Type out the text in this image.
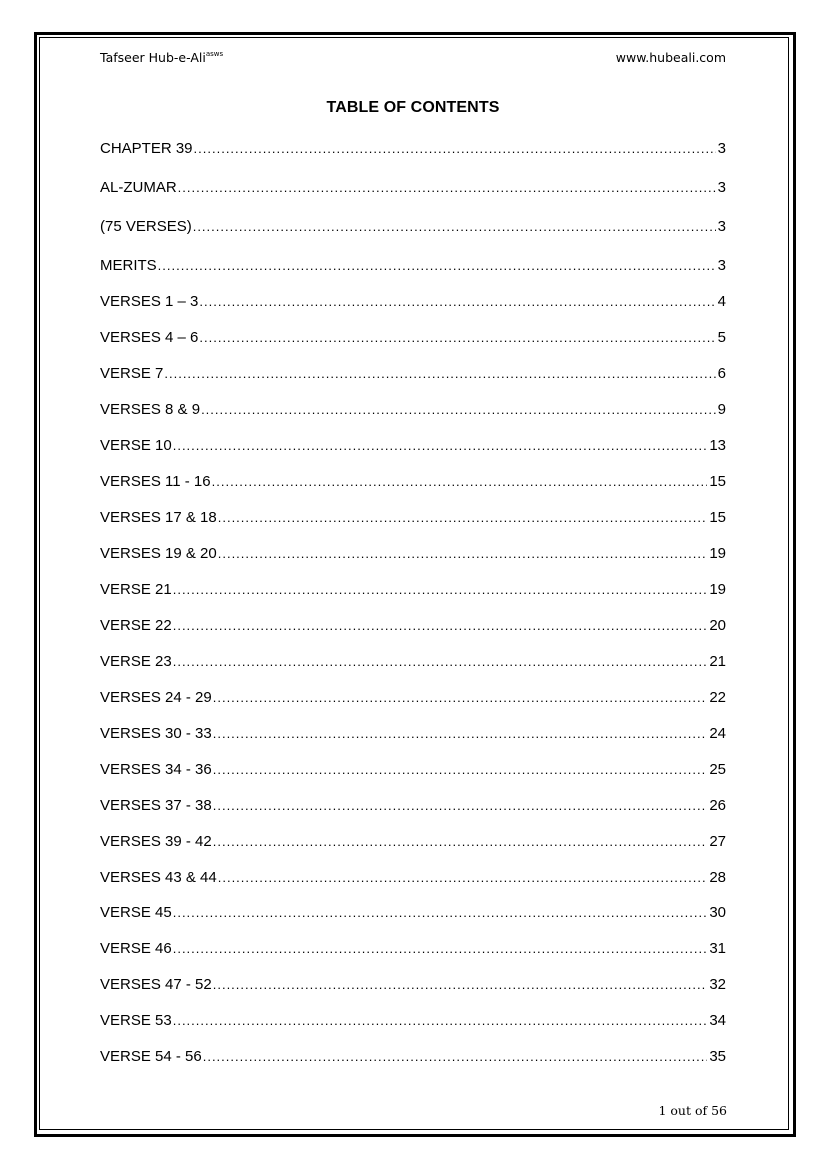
Tafseer Hub-e-Ali$^{asws}$	www.hubeali.com
TABLE OF CONTENTS
CHAPTER 39 .....	3
AL-ZUMAR .....	3
(75 VERSES) .....	3
MERITS .....	3
VERSES 1 – 3 .....	4
VERSES 4 – 6 .....	5
VERSE 7 .....	6
VERSES 8 & 9 .....	9
VERSE 10 .....	13
VERSES 11 - 16 .....	15
VERSES 17 & 18 .....	15
VERSES 19 & 20 .....	19
VERSE 21 .....	19
VERSE 22 .....	20
VERSE 23 .....	21
VERSES 24 - 29 .....	22
VERSES 30 - 33 .....	24
VERSES 34 - 36 .....	25
VERSES 37 - 38 .....	26
VERSES 39 - 42 .....	27
VERSES 43 & 44 .....	28
VERSE 45 .....	30
VERSE 46 .....	31
VERSES 47 - 52 .....	32
VERSE 53 .....	34
VERSE 54 - 56 .....	35
1 out of 56
